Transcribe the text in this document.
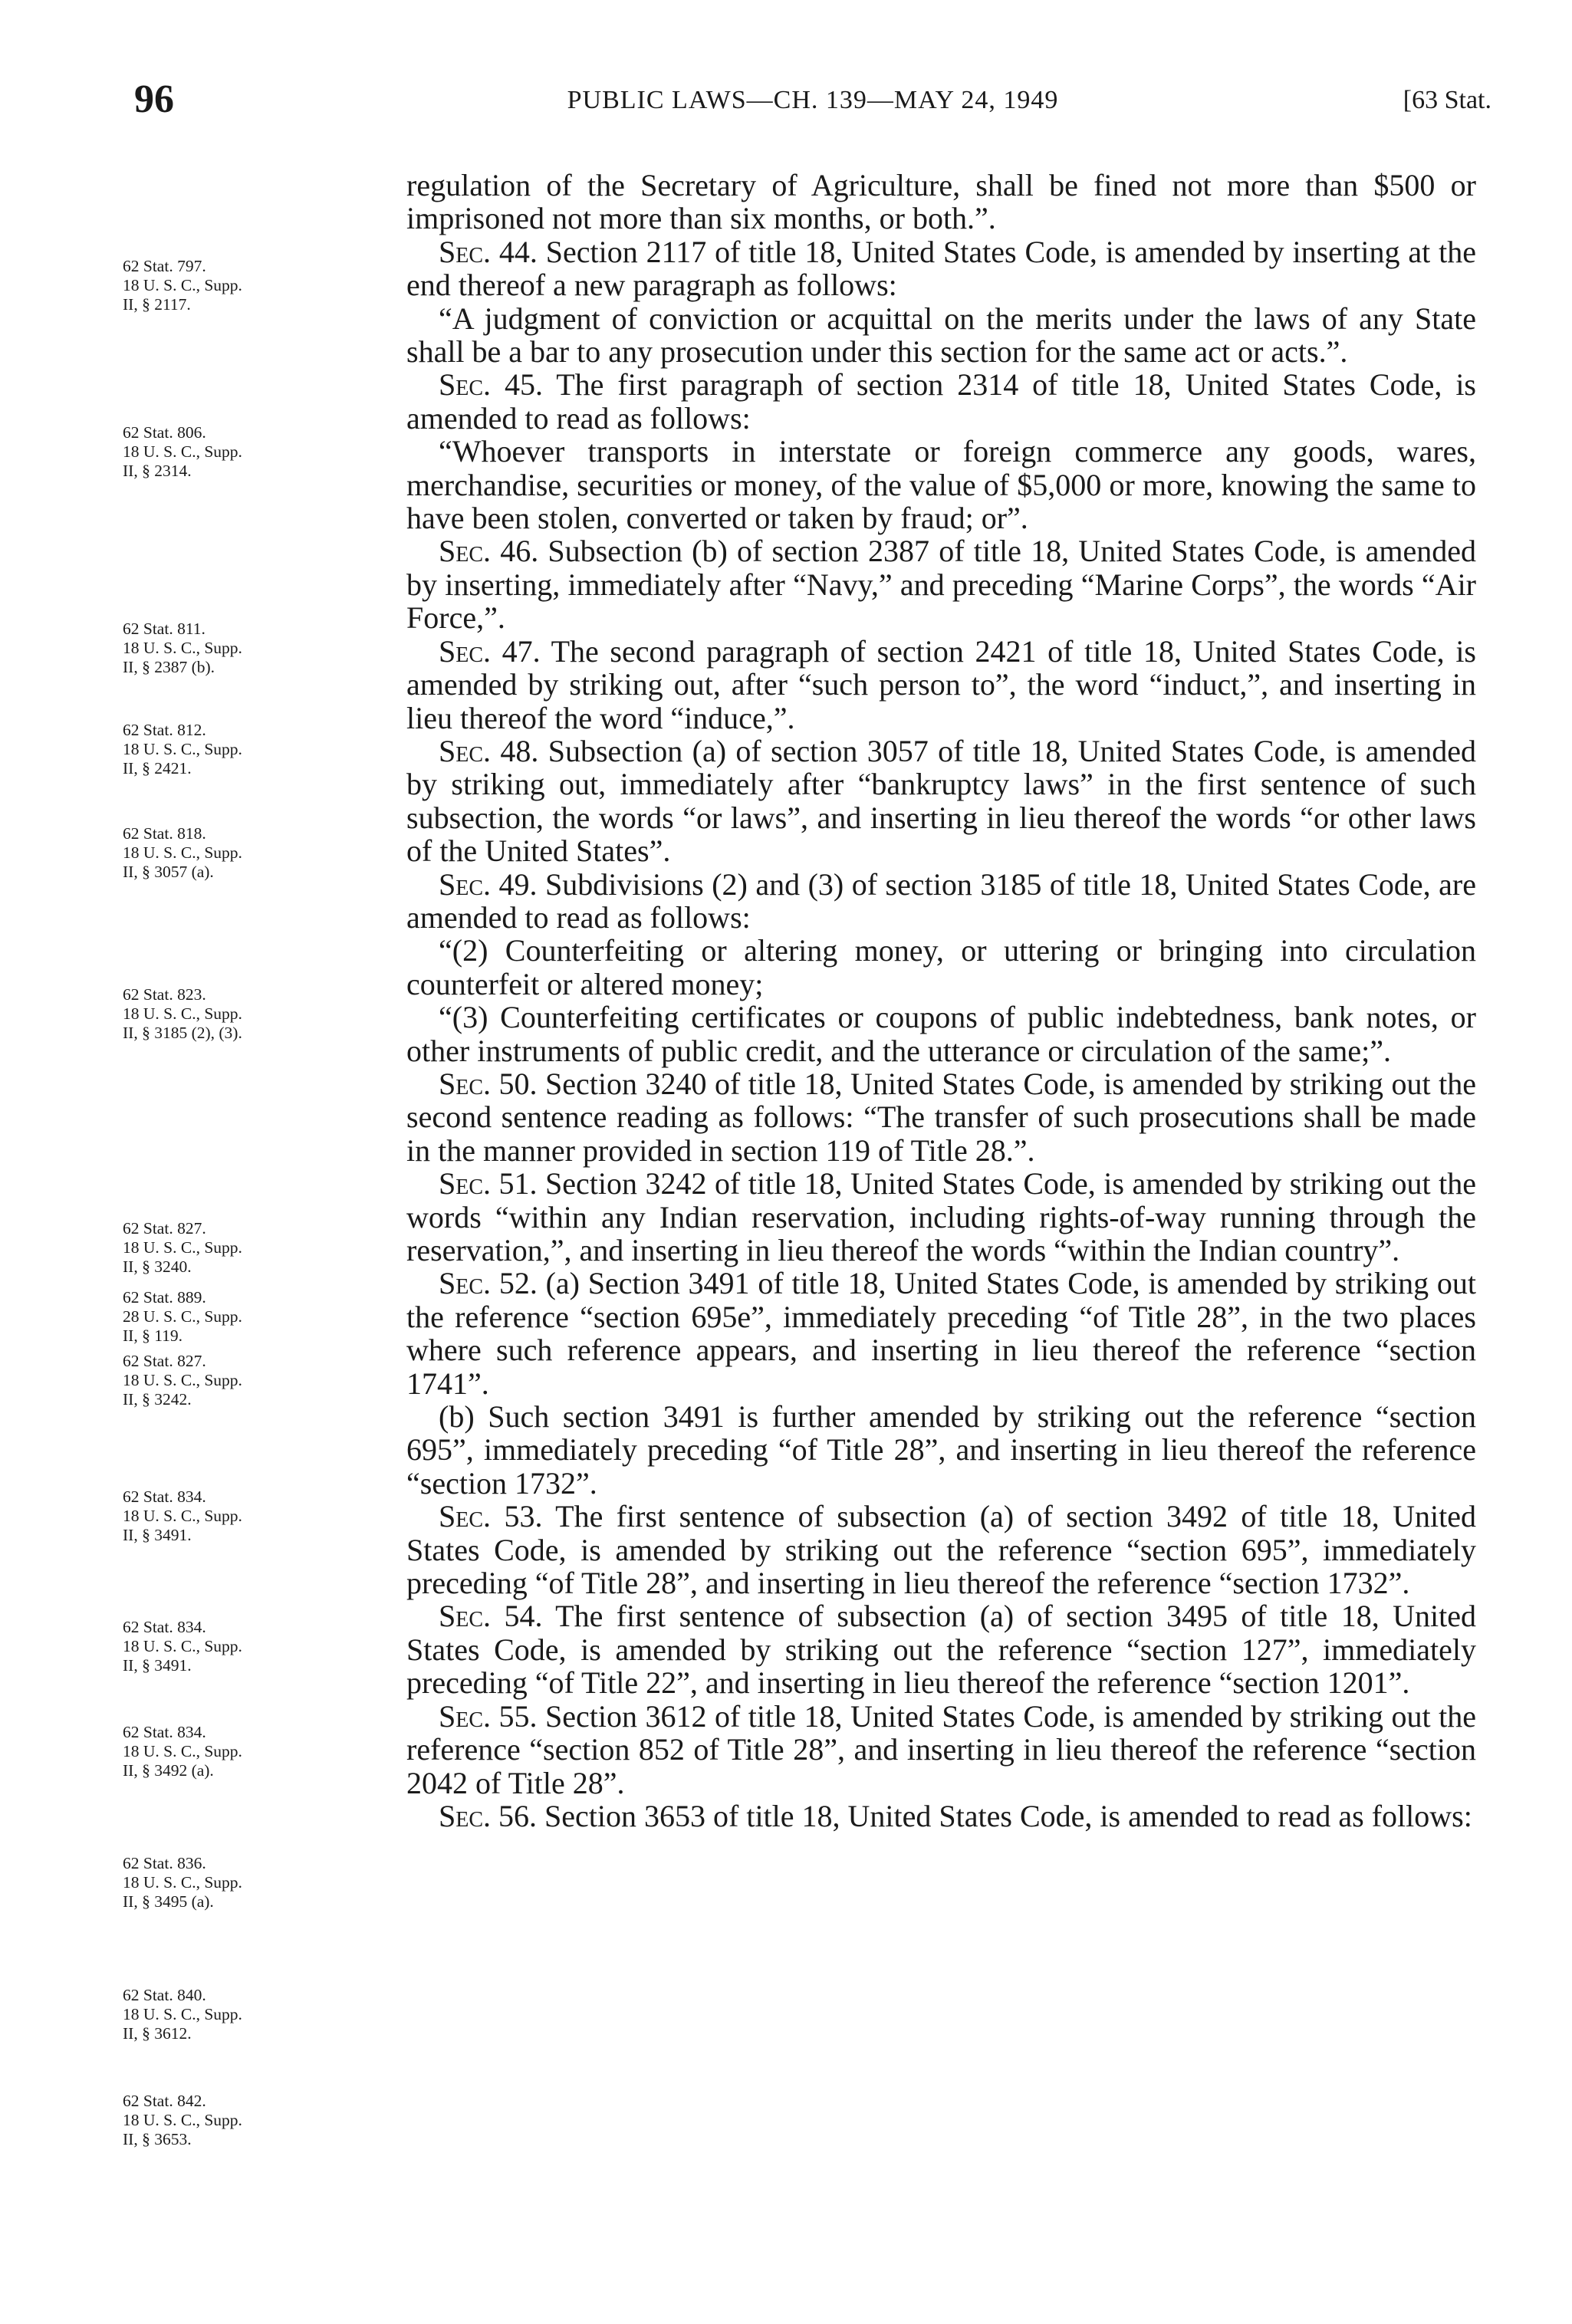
96	PUBLIC LAWS—CH. 139—MAY 24, 1949	[63 Stat.
62 Stat. 797.
18 U. S. C., Supp.
II, § 2117.
62 Stat. 806.
18 U. S. C., Supp.
II, § 2314.
62 Stat. 811.
18 U. S. C., Supp.
II, § 2387 (b).
62 Stat. 812.
18 U. S. C., Supp.
II, § 2421.
62 Stat. 818.
18 U. S. C., Supp.
II, § 3057 (a).
62 Stat. 823.
18 U. S. C., Supp.
II, § 3185 (2), (3).
62 Stat. 827.
18 U. S. C., Supp.
II, § 3240.
62 Stat. 889.
28 U. S. C., Supp.
II, § 119.
62 Stat. 827.
18 U. S. C., Supp.
II, § 3242.
62 Stat. 834.
18 U. S. C., Supp.
II, § 3491.
62 Stat. 834.
18 U. S. C., Supp.
II, § 3491.
62 Stat. 834.
18 U. S. C., Supp.
II, § 3492 (a).
62 Stat. 836.
18 U. S. C., Supp.
II, § 3495 (a).
62 Stat. 840.
18 U. S. C., Supp.
II, § 3612.
62 Stat. 842.
18 U. S. C., Supp.
II, § 3653.

regulation of the Secretary of Agriculture, shall be fined not more than $500 or imprisoned not more than six months, or both.”.

Sec. 44. Section 2117 of title 18, United States Code, is amended by inserting at the end thereof a new paragraph as follows:

“A judgment of conviction or acquittal on the merits under the laws of any State shall be a bar to any prosecution under this section for the same act or acts.”.

Sec. 45. The first paragraph of section 2314 of title 18, United States Code, is amended to read as follows:

“Whoever transports in interstate or foreign commerce any goods, wares, merchandise, securities or money, of the value of $5,000 or more, knowing the same to have been stolen, converted or taken by fraud; or”.

Sec. 46. Subsection (b) of section 2387 of title 18, United States Code, is amended by inserting, immediately after “Navy,” and preceding “Marine Corps”, the words “Air Force,”.

Sec. 47. The second paragraph of section 2421 of title 18, United States Code, is amended by striking out, after “such person to”, the word “induct,”, and inserting in lieu thereof the word “induce,”.

Sec. 48. Subsection (a) of section 3057 of title 18, United States Code, is amended by striking out, immediately after “bankruptcy laws” in the first sentence of such subsection, the words “or laws”, and inserting in lieu thereof the words “or other laws of the United States”.

Sec. 49. Subdivisions (2) and (3) of section 3185 of title 18, United States Code, are amended to read as follows:

“(2) Counterfeiting or altering money, or uttering or bringing into circulation counterfeit or altered money;

“(3) Counterfeiting certificates or coupons of public indebtedness, bank notes, or other instruments of public credit, and the utterance or circulation of the same;”.

Sec. 50. Section 3240 of title 18, United States Code, is amended by striking out the second sentence reading as follows: “The transfer of such prosecutions shall be made in the manner provided in section 119 of Title 28.”.

Sec. 51. Section 3242 of title 18, United States Code, is amended by striking out the words “within any Indian reservation, including rights-of-way running through the reservation,”, and inserting in lieu thereof the words “within the Indian country”.

Sec. 52. (a) Section 3491 of title 18, United States Code, is amended by striking out the reference “section 695e”, immediately preceding “of Title 28”, in the two places where such reference appears, and inserting in lieu thereof the reference “section 1741”.

(b) Such section 3491 is further amended by striking out the reference “section 695”, immediately preceding “of Title 28”, and inserting in lieu thereof the reference “section 1732”.

Sec. 53. The first sentence of subsection (a) of section 3492 of title 18, United States Code, is amended by striking out the reference “section 695”, immediately preceding “of Title 28”, and inserting in lieu thereof the reference “section 1732”.

Sec. 54. The first sentence of subsection (a) of section 3495 of title 18, United States Code, is amended by striking out the reference “section 127”, immediately preceding “of Title 22”, and inserting in lieu thereof the reference “section 1201”.

Sec. 55. Section 3612 of title 18, United States Code, is amended by striking out the reference “section 852 of Title 28”, and inserting in lieu thereof the reference “section 2042 of Title 28”.

Sec. 56. Section 3653 of title 18, United States Code, is amended to read as follows:
